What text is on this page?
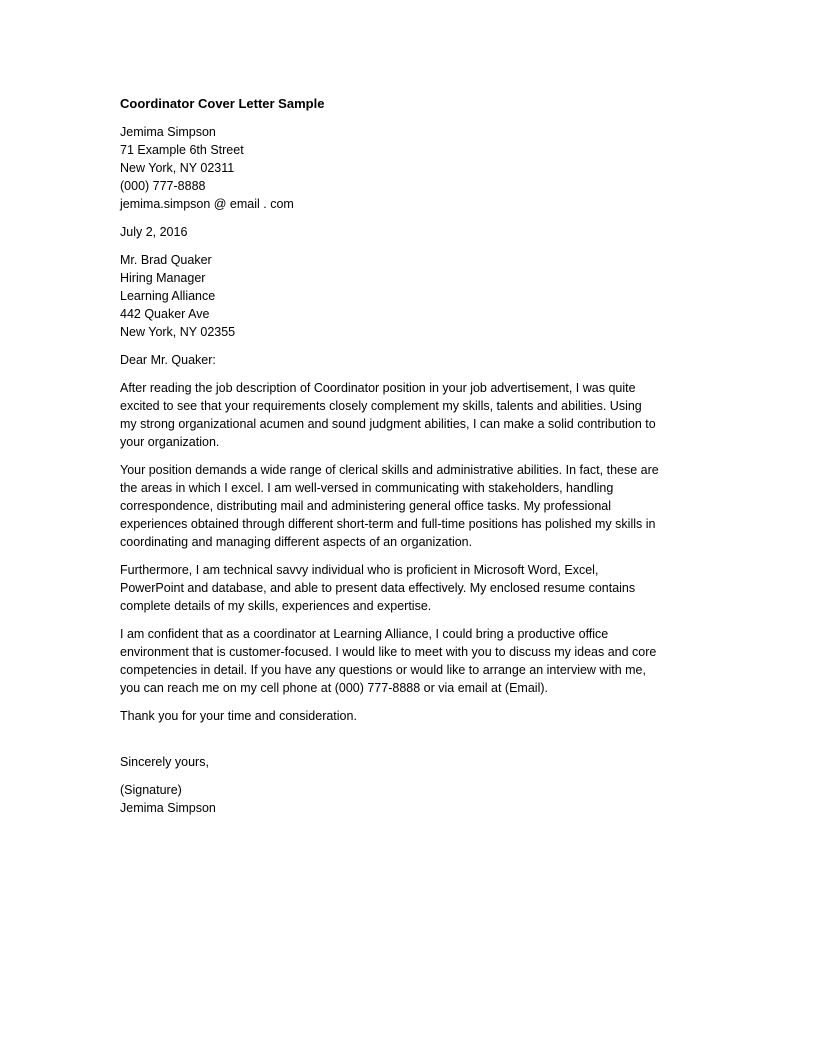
Coordinator Cover Letter Sample
Jemima Simpson
71 Example 6th Street
New York, NY 02311
(000) 777-8888
jemima.simpson @ email . com
July 2, 2016
Mr. Brad Quaker
Hiring Manager
Learning Alliance
442 Quaker Ave
New York, NY 02355
Dear Mr. Quaker:
After reading the job description of Coordinator position in your job advertisement, I was quite
excited to see that your requirements closely complement my skills, talents and abilities. Using
my strong organizational acumen and sound judgment abilities, I can make a solid contribution to
your organization.
Your position demands a wide range of clerical skills and administrative abilities. In fact, these are
the areas in which I excel. I am well-versed in communicating with stakeholders, handling
correspondence, distributing mail and administering general office tasks. My professional
experiences obtained through different short-term and full-time positions has polished my skills in
coordinating and managing different aspects of an organization.
Furthermore, I am technical savvy individual who is proficient in Microsoft Word, Excel,
PowerPoint and database, and able to present data effectively. My enclosed resume contains
complete details of my skills, experiences and expertise.
I am confident that as a coordinator at Learning Alliance, I could bring a productive office
environment that is customer-focused. I would like to meet with you to discuss my ideas and core
competencies in detail. If you have any questions or would like to arrange an interview with me,
you can reach me on my cell phone at (000) 777-8888 or via email at (Email).
Thank you for your time and consideration.
Sincerely yours,
(Signature)
Jemima Simpson
